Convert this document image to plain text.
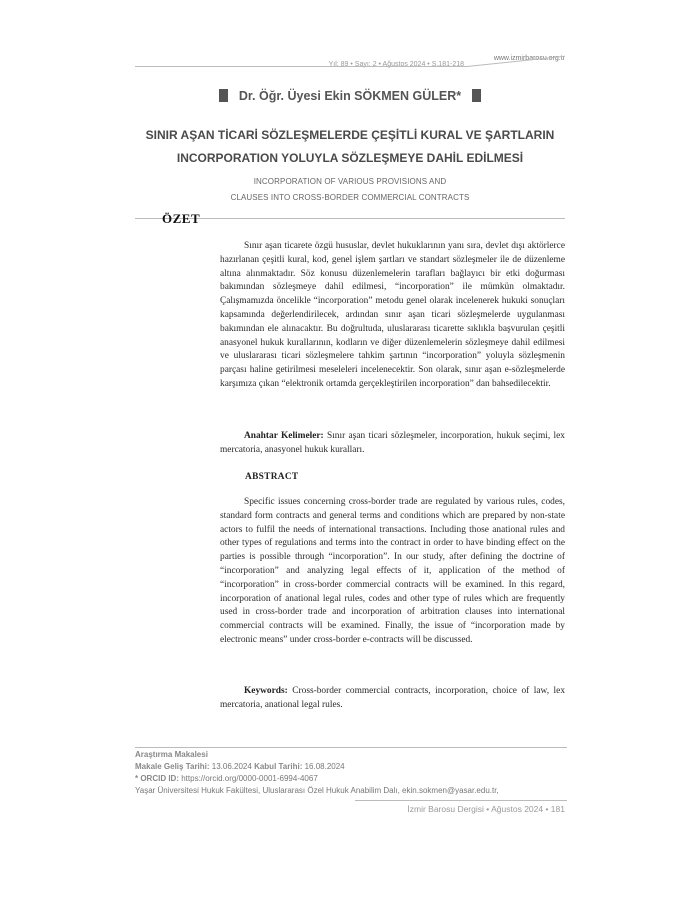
www.izmirbarosu.org.tr
Yıl: 89 • Sayı: 2 • Ağustos 2024 • S.181-218
Dr. Öğr. Üyesi Ekin SÖKMEN GÜLER*
SINIR AŞAN TİCARİ SÖZLEŞMELERDE ÇEŞİTLİ KURAL VE ŞARTLARIN
INCORPORATION YOLUYLA SÖZLEŞMEYE DAHİL EDİLMESİ
INCORPORATION OF VARIOUS PROVISIONS AND
CLAUSES INTO CROSS-BORDER COMMERCIAL CONTRACTS
ÖZET
Sınır aşan ticarete özgü hususlar, devlet hukuklarının yanı sıra, devlet dışı aktörlerce hazırlanan çeşitli kural, kod, genel işlem şartları ve standart sözleşmeler ile de düzenleme altına alınmaktadır. Söz konusu düzenlemelerin tarafları bağlayıcı bir etki doğurması bakımından sözleşmeye dahil edilmesi, “incorporation” ile mümkün olmaktadır. Çalışmamızda öncelikle “incorporation” metodu genel olarak incelenerek hukuki sonuçları kapsamında değerlendirilecek, ardından sınır aşan ticari sözleşmelerde uygulanması bakımından ele alınacaktır. Bu doğrultuda, uluslararası ticarette sıklıkla başvurulan çeşitli anasyonel hukuk kurallarının, kodların ve diğer düzenlemelerin sözleşmeye dahil edilmesi ve uluslararası ticari sözleşmelere tahkim şartının “incorporation” yoluyla sözleşmenin parçası haline getirilmesi meseleleri incelenecektir. Son olarak, sınır aşan e-sözleşmelerde karşımıza çıkan “elektronik ortamda gerçekleştirilen incorporation” dan bahsedilecektir.
Anahtar Kelimeler: Sınır aşan ticari sözleşmeler, incorporation, hukuk seçimi, lex mercatoria, anasyonel hukuk kuralları.
ABSTRACT
Specific issues concerning cross-border trade are regulated by various rules, codes, standard form contracts and general terms and conditions which are prepared by non-state actors to fulfil the needs of international transactions. Including those anational rules and other types of regulations and terms into the contract in order to have binding effect on the parties is possible through “incorporation”. In our study, after defining the doctrine of “incorporation” and analyzing legal effects of it, application of the method of “incorporation” in cross-border commercial contracts will be examined. In this regard, incorporation of anational legal rules, codes and other type of rules which are frequently used in cross-border trade and incorporation of arbitration clauses into international commercial contracts will be examined. Finally, the issue of “incorporation made by electronic means” under cross-border e-contracts will be discussed.
Keywords: Cross-border commercial contracts, incorporation, choice of law, lex mercatoria, anational legal rules.
Araştırma Makalesi
Makale Geliş Tarihi: 13.06.2024 Kabul Tarihi: 16.08.2024
* ORCID ID: https://orcid.org/0000-0001-6994-4067
Yaşar Üniversitesi Hukuk Fakültesi, Uluslararası Özel Hukuk Anabilim Dalı, ekin.sokmen@yasar.edu.tr,
İzmir Barosu Dergisi • Ağustos 2024 • 181
